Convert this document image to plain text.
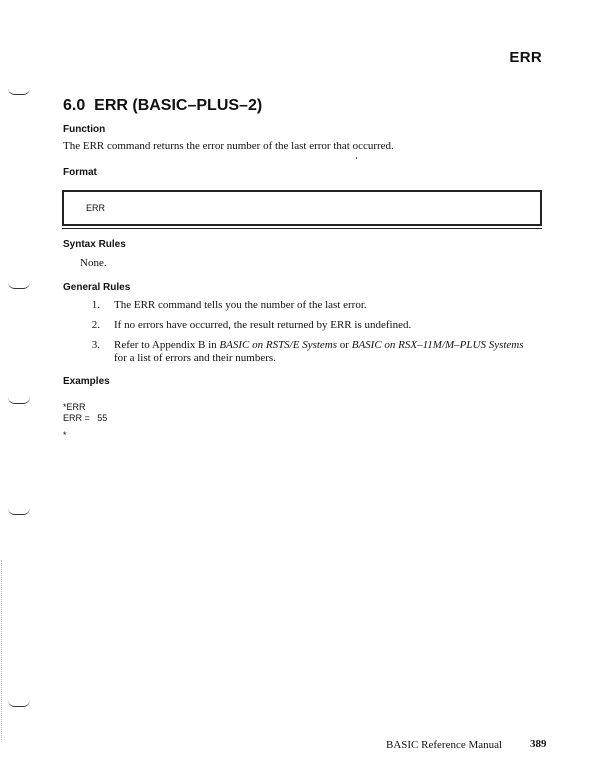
ERR
6.0 ERR (BASIC–PLUS–2)
Function
The ERR command returns the error number of the last error that occurred.
Format
ERR
Syntax Rules
None.
General Rules
1. The ERR command tells you the number of the last error.
2. If no errors have occurred, the result returned by ERR is undefined.
3. Refer to Appendix B in BASIC on RSTS/E Systems or BASIC on RSX–11M/M–PLUS Systems
for a list of errors and their numbers.
Examples
*ERR
ERR =   55
*
BASIC Reference Manual	389
